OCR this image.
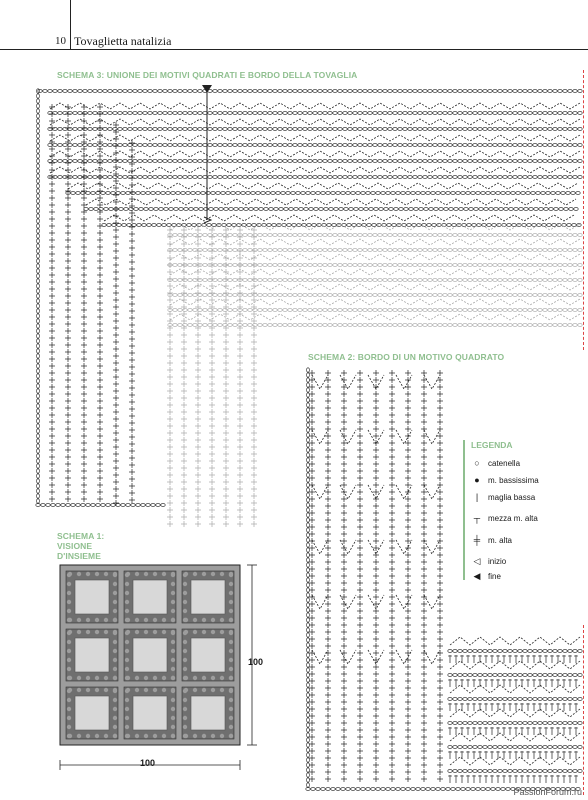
10 Tovaglietta natalizia
SCHEMA 3: UNIONE DEI MOTIVI QUADRATI E BORDO DELLA TOVAGLIA
SCHEMA 2: BORDO DI UN MOTIVO QUADRATO
SCHEMA 1:
VISIONE
D'INSIEME
100
100
LEGENDA
○	catenella
●	m. bassissima
|	maglia bassa
┬ mezza m. alta
╪ m. alta
◁ inizio
◀ fine
PassionForum.ru
